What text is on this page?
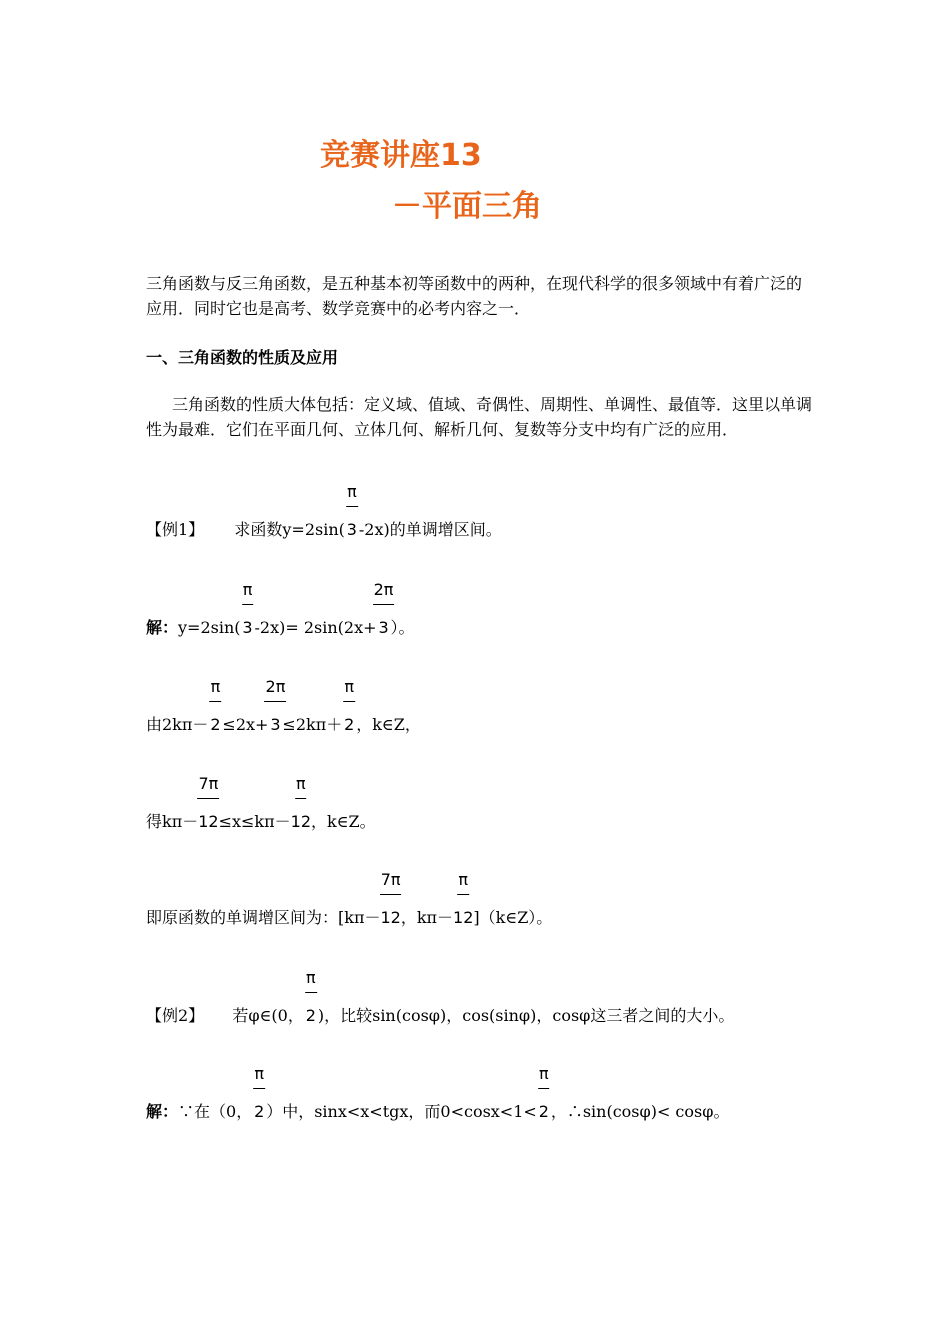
竞赛讲座13
－平面三角
三角函数与反三角函数，是五种基本初等函数中的两种，在现代科学的很多领域中有着广泛的应用．同时它也是高考、数学竞赛中的必考内容之一．
一、三角函数的性质及应用
三角函数的性质大体包括：定义域、值域、奇偶性、周期性、单调性、最值等．这里以单调性为最难．它们在平面几何、立体几何、解析几何、复数等分支中均有广泛的应用．
【例1】 求函数$y=2\sin( \frac{\pi}{3}-2x)$的单调增区间。
解：$y=2\sin( \frac{\pi}{3}-2x)= 2\sin(2x+ \frac{2\pi}{3})$。
由$2k\pi- \frac{\pi}{2}\le 2x+ \frac{2\pi}{3}\le 2k\pi+ \frac{\pi}{2}$，k∈Z，
得$k\pi- \frac{7\pi}{12}\le x\le k\pi- \frac{\pi}{12}$，k∈Z。
即原函数的单调增区间为：[$k\pi- \frac{7\pi}{12}$，$k\pi- \frac{\pi}{12}](k\in Z)$。
【例2】 若φ∈(0， $\frac{\pi}{2}$)，比较sin(cosφ)，cos(sinφ)，cosφ这三者之间的大小。
解：∵在（0， $\frac{\pi}{2}$）中，sinx<x<tgx，而$0<\cos x<1< \frac{\pi}{2}$，∴sin(cosφ)< cosφ。
